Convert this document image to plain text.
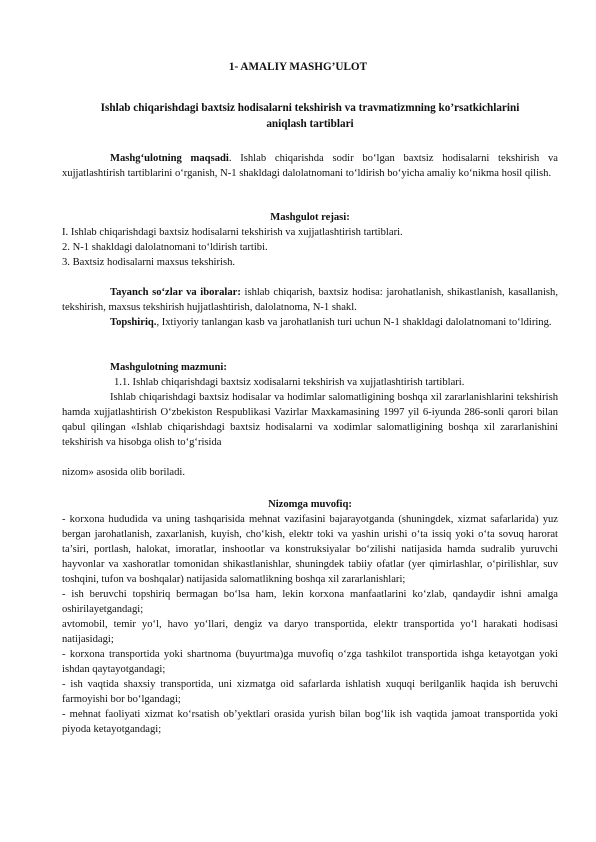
1- AMALIY MASHG’ULOT
Ishlab chiqarishdagi baxtsiz hodisalarni tekshirish va travmatizmning ko’rsatkichlarini aniqlash tartiblari
Mashg‘ulotning maqsadi. Ishlab chiqarishda sodir bo‘lgan baxtsiz hodisalarni tekshirish va xujjatlashtirish tartiblarini o‘rganish, N-1 shakldagi dalolatnomani to‘ldirish bo‘yicha amaliy ko‘nikma hosil qilish.
Mashgulot rejasi:

I. Ishlab chiqarishdagi baxtsiz hodisalarni tekshirish va xujjatlashtirish tartiblari.

2. N-1 shakldagi dalolatnomani to‘ldirish tartibi.

3. Baxtsiz hodisalarni maxsus tekshirish.

Tayanch so‘zlar va iboralar: ishlab chiqarish, baxtsiz hodisa: jarohatlanish, shikastlanish, kasallanish, tekshirish, maxsus tekshirish hujjatlashtirish, dalolatnoma, N-1 shakl.
Topshiriq., Ixtiyoriy tanlangan kasb va jarohatlanish turi uchun N-1 shakldagi dalolatnomani to‘ldiring.
Mashgulotning mazmuni:
1.1. Ishlab chiqarishdagi baxtsiz xodisalarni tekshirish va xujjatlashtirish tartiblari.
Ishlab chiqarishdagi baxtsiz hodisalar va hodimlar salomatligining boshqa xil zararlanishlarini tekshirish hamda xujjatlashtirish O‘zbekiston Respublikasi Vazirlar Maxkamasining 1997 yil 6-iyunda 286-sonli qarori bilan qabul qilingan «Ishlab chiqarishdagi baxtsiz hodisalarni va xodimlar salomatligining boshqa xil zararlanishini tekshirish va hisobga olish to‘g‘risida
nizom» asosida olib boriladi.
Nizomga muvofiq:

- korxona hududida va uning tashqarisida mehnat vazifasini bajarayotganda (shuningdek, xizmat safarlarida) yuz bergan jarohatlanish, zaxarlanish, kuyish, cho‘kish, elektr toki va yashin urishi o‘ta issiq yoki o‘ta sovuq harorat ta’siri, portlash, halokat, imoratlar, inshootlar va konstruksiyalar bo‘zilishi natijasida hamda sudralib yuruvchi hayvonlar va xashoratlar tomonidan shikastlanishlar, shuningdek tabiiy ofatlar (yer qimirlashlar, o‘pirilishlar, suv toshqini, tufon va boshqalar) natijasida salomatlikning boshqa xil zararlanishlari;

- ish beruvchi topshiriq bermagan bo‘lsa ham, lekin korxona manfaatlarini ko‘zlab, qandaydir ishni amalga oshirilayetgandagi;

avtomobil, temir yo‘l, havo yo‘llari, dengiz va daryo transportida, elektr transportida yo‘l harakati hodisasi natijasidagi;

- korxona transportida yoki shartnoma (buyurtma)ga muvofiq o‘zga tashkilot transportida ishga ketayotgan yoki ishdan qaytayotgandagi;

- ish vaqtida shaxsiy transportida, uni xizmatga oid safarlarda ishlatish xuquqi berilganlik haqida ish beruvchi farmoyishi bor bo‘lgandagi;

- mehnat faoliyati xizmat ko‘rsatish ob’yektlari orasida yurish bilan bog‘lik ish vaqtida jamoat transportida yoki piyoda ketayotgandagi;
